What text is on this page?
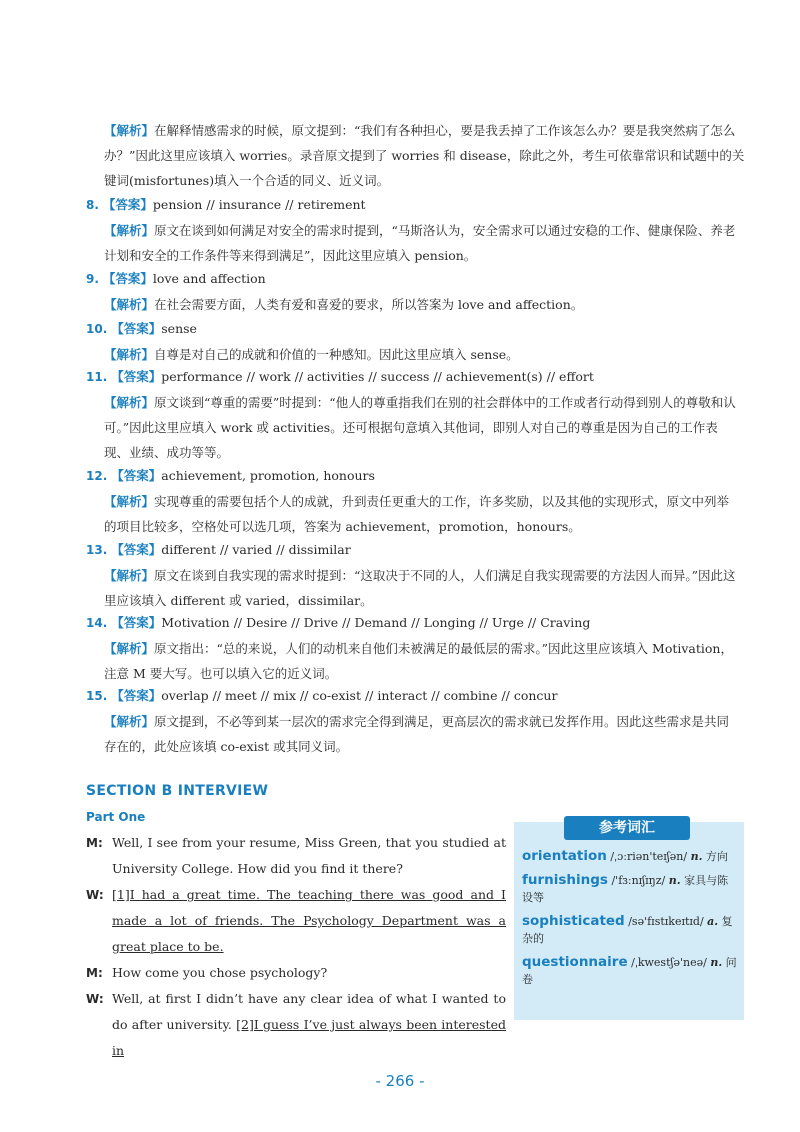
【解析】在解释情感需求的时候，原文提到：“我们有各种担心，要是我丢掉了工作该怎么办？要是我突然病了怎么办？”因此这里应该填入 worries。录音原文提到了 worries 和 disease，除此之外，考生可依靠常识和试题中的关键词(misfortunes)填入一个合适的同义、近义词。
8. 【答案】pension // insurance // retirement
【解析】原文在谈到如何满足对安全的需求时提到，“马斯洛认为，安全需求可以通过安稳的工作、健康保险、养老计划和安全的工作条件等来得到满足”，因此这里应填入 pension。
9. 【答案】love and affection
【解析】在社会需要方面，人类有爱和喜爱的要求，所以答案为 love and affection。
10. 【答案】sense
【解析】自尊是对自己的成就和价值的一种感知。因此这里应填入 sense。
11. 【答案】performance // work // activities // success // achievement(s) // effort
【解析】原文谈到“尊重的需要”时提到：“他人的尊重指我们在别的社会群体中的工作或者行动得到别人的尊敬和认可。”因此这里应填入 work 或 activities。还可根据句意填入其他词，即别人对自己的尊重是因为自己的工作表现、业绩、成功等等。
12. 【答案】achievement, promotion, honours
【解析】实现尊重的需要包括个人的成就，升到责任更重大的工作，许多奖励，以及其他的实现形式，原文中列举的项目比较多，空格处可以选几项，答案为 achievement，promotion，honours。
13. 【答案】different // varied // dissimilar
【解析】原文在谈到自我实现的需求时提到：“这取决于不同的人，人们满足自我实现需要的方法因人而异。”因此这里应该填入 different 或 varied，dissimilar。
14. 【答案】Motivation // Desire // Drive // Demand // Longing // Urge // Craving
【解析】原文指出：“总的来说，人们的动机来自他们未被满足的最低层的需求。”因此这里应该填入 Motivation，注意 M 要大写。也可以填入它的近义词。
15. 【答案】overlap // meet // mix // co-exist // interact // combine // concur
【解析】原文提到，不必等到某一层次的需求完全得到满足，更高层次的需求就已发挥作用。因此这些需求是共同存在的，此处应该填 co-exist 或其同义词。
SECTION B INTERVIEW
Part One
M: Well, I see from your resume, Miss Green, that you studied at University College. How did you find it there?
W: [1]I had a great time. The teaching there was good and I made a lot of friends. The Psychology Department was a great place to be.
M: How come you chose psychology?
W: Well, at first I didn’t have any clear idea of what I wanted to do after university. [2]I guess I’ve just always been interested in
参考词汇
orientation /ˌɔːriən'teɪʃən/ n. 方向
furnishings /'fɜːnɪʃɪŋz/ n. 家具与陈设等
sophisticated /sə'fɪstɪkeɪtɪd/ a. 复杂的
questionnaire /ˌkwestʃə'neə/ n. 问卷
- 266 -
